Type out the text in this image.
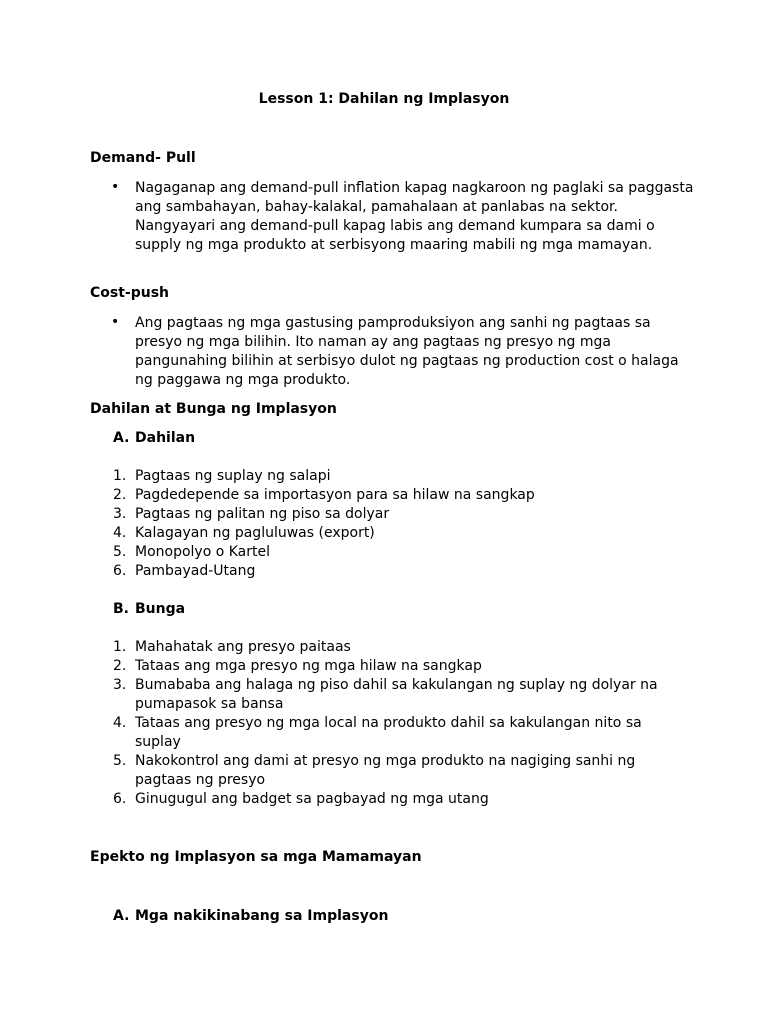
Lesson 1: Dahilan ng Implasyon
Demand- Pull
• Nagaganap ang demand-pull inflation kapag nagkaroon ng paglaki sa paggasta ang sambahayan, bahay-kalakal, pamahalaan at panlabas na sektor. Nangyayari ang demand-pull kapag labis ang demand kumpara sa dami o supply ng mga produkto at serbisyong maaring mabili ng mga mamayan.
Cost-push
• Ang pagtaas ng mga gastusing pamproduksiyon ang sanhi ng pagtaas sa presyo ng mga bilihin. Ito naman ay ang pagtaas ng presyo ng mga pangunahing bilihin at serbisyo dulot ng pagtaas ng production cost o halaga ng paggawa ng mga produkto.
Dahilan at Bunga ng Implasyon
A. Dahilan
1. Pagtaas ng suplay ng salapi
2. Pagdedepende sa importasyon para sa hilaw na sangkap
3. Pagtaas ng palitan ng piso sa dolyar
4. Kalagayan ng pagluluwas (export)
5. Monopolyo o Kartel
6. Pambayad-Utang
B. Bunga
1. Mahahatak ang presyo paitaas
2. Tataas ang mga presyo ng mga hilaw na sangkap
3. Bumababa ang halaga ng piso dahil sa kakulangan ng suplay ng dolyar na pumapasok sa bansa
4. Tataas ang presyo ng mga local na produkto dahil sa kakulangan nito sa suplay
5. Nakokontrol ang dami at presyo ng mga produkto na nagiging sanhi ng pagtaas ng presyo
6. Ginugugul ang badget sa pagbayad ng mga utang
Epekto ng Implasyon sa mga Mamamayan
A. Mga nakikinabang sa Implasyon
